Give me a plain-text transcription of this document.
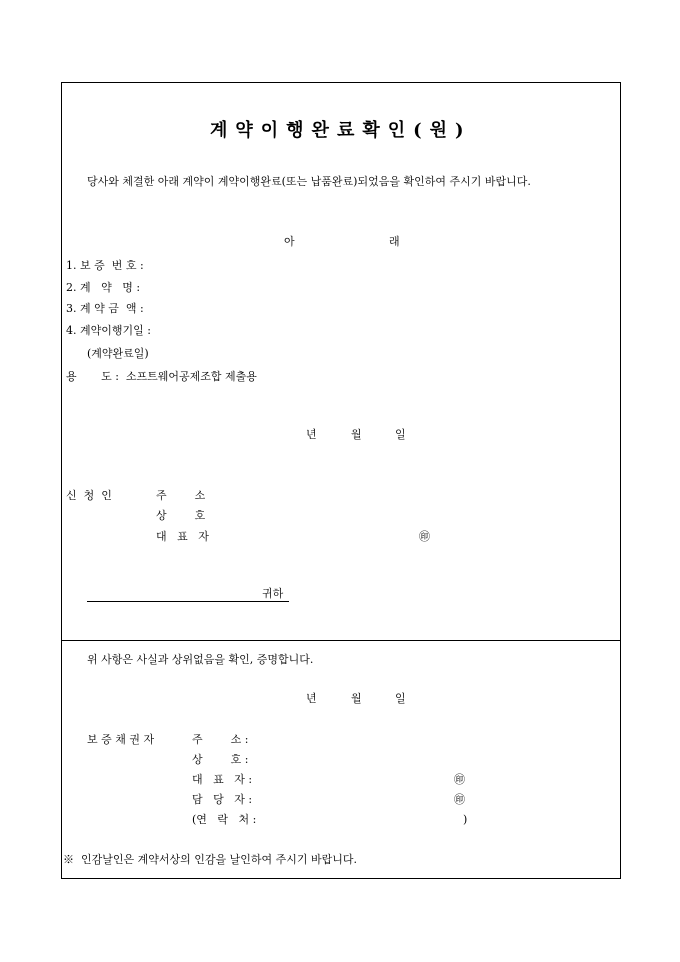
계약이행완료확인(원)
당사와 체결한 아래 계약이 계약이행완료(또는 납품완료)되었음을 확인하여 주시기 바랍니다.
아	래
1. 보 증  번 호 :
2. 계   약   명 :
3. 계 약 금  액 :
4. 계약이행기일 :
(계약완료일)
용       도 :  소프트웨어공제조합 제출용
년	월	일
신  청  인	주        소
상        호
대   표   자	㊞
귀하
위 사항은 사실과 상위없음을 확인, 증명합니다.
년	월	일
보 증 채 권 자	주        소 :
상        호 :
대   표   자 :	㊞
담   당   자 :	㊞
(연   락   처 :	)
※  인감날인은 계약서상의 인감을 날인하여 주시기 바랍니다.
